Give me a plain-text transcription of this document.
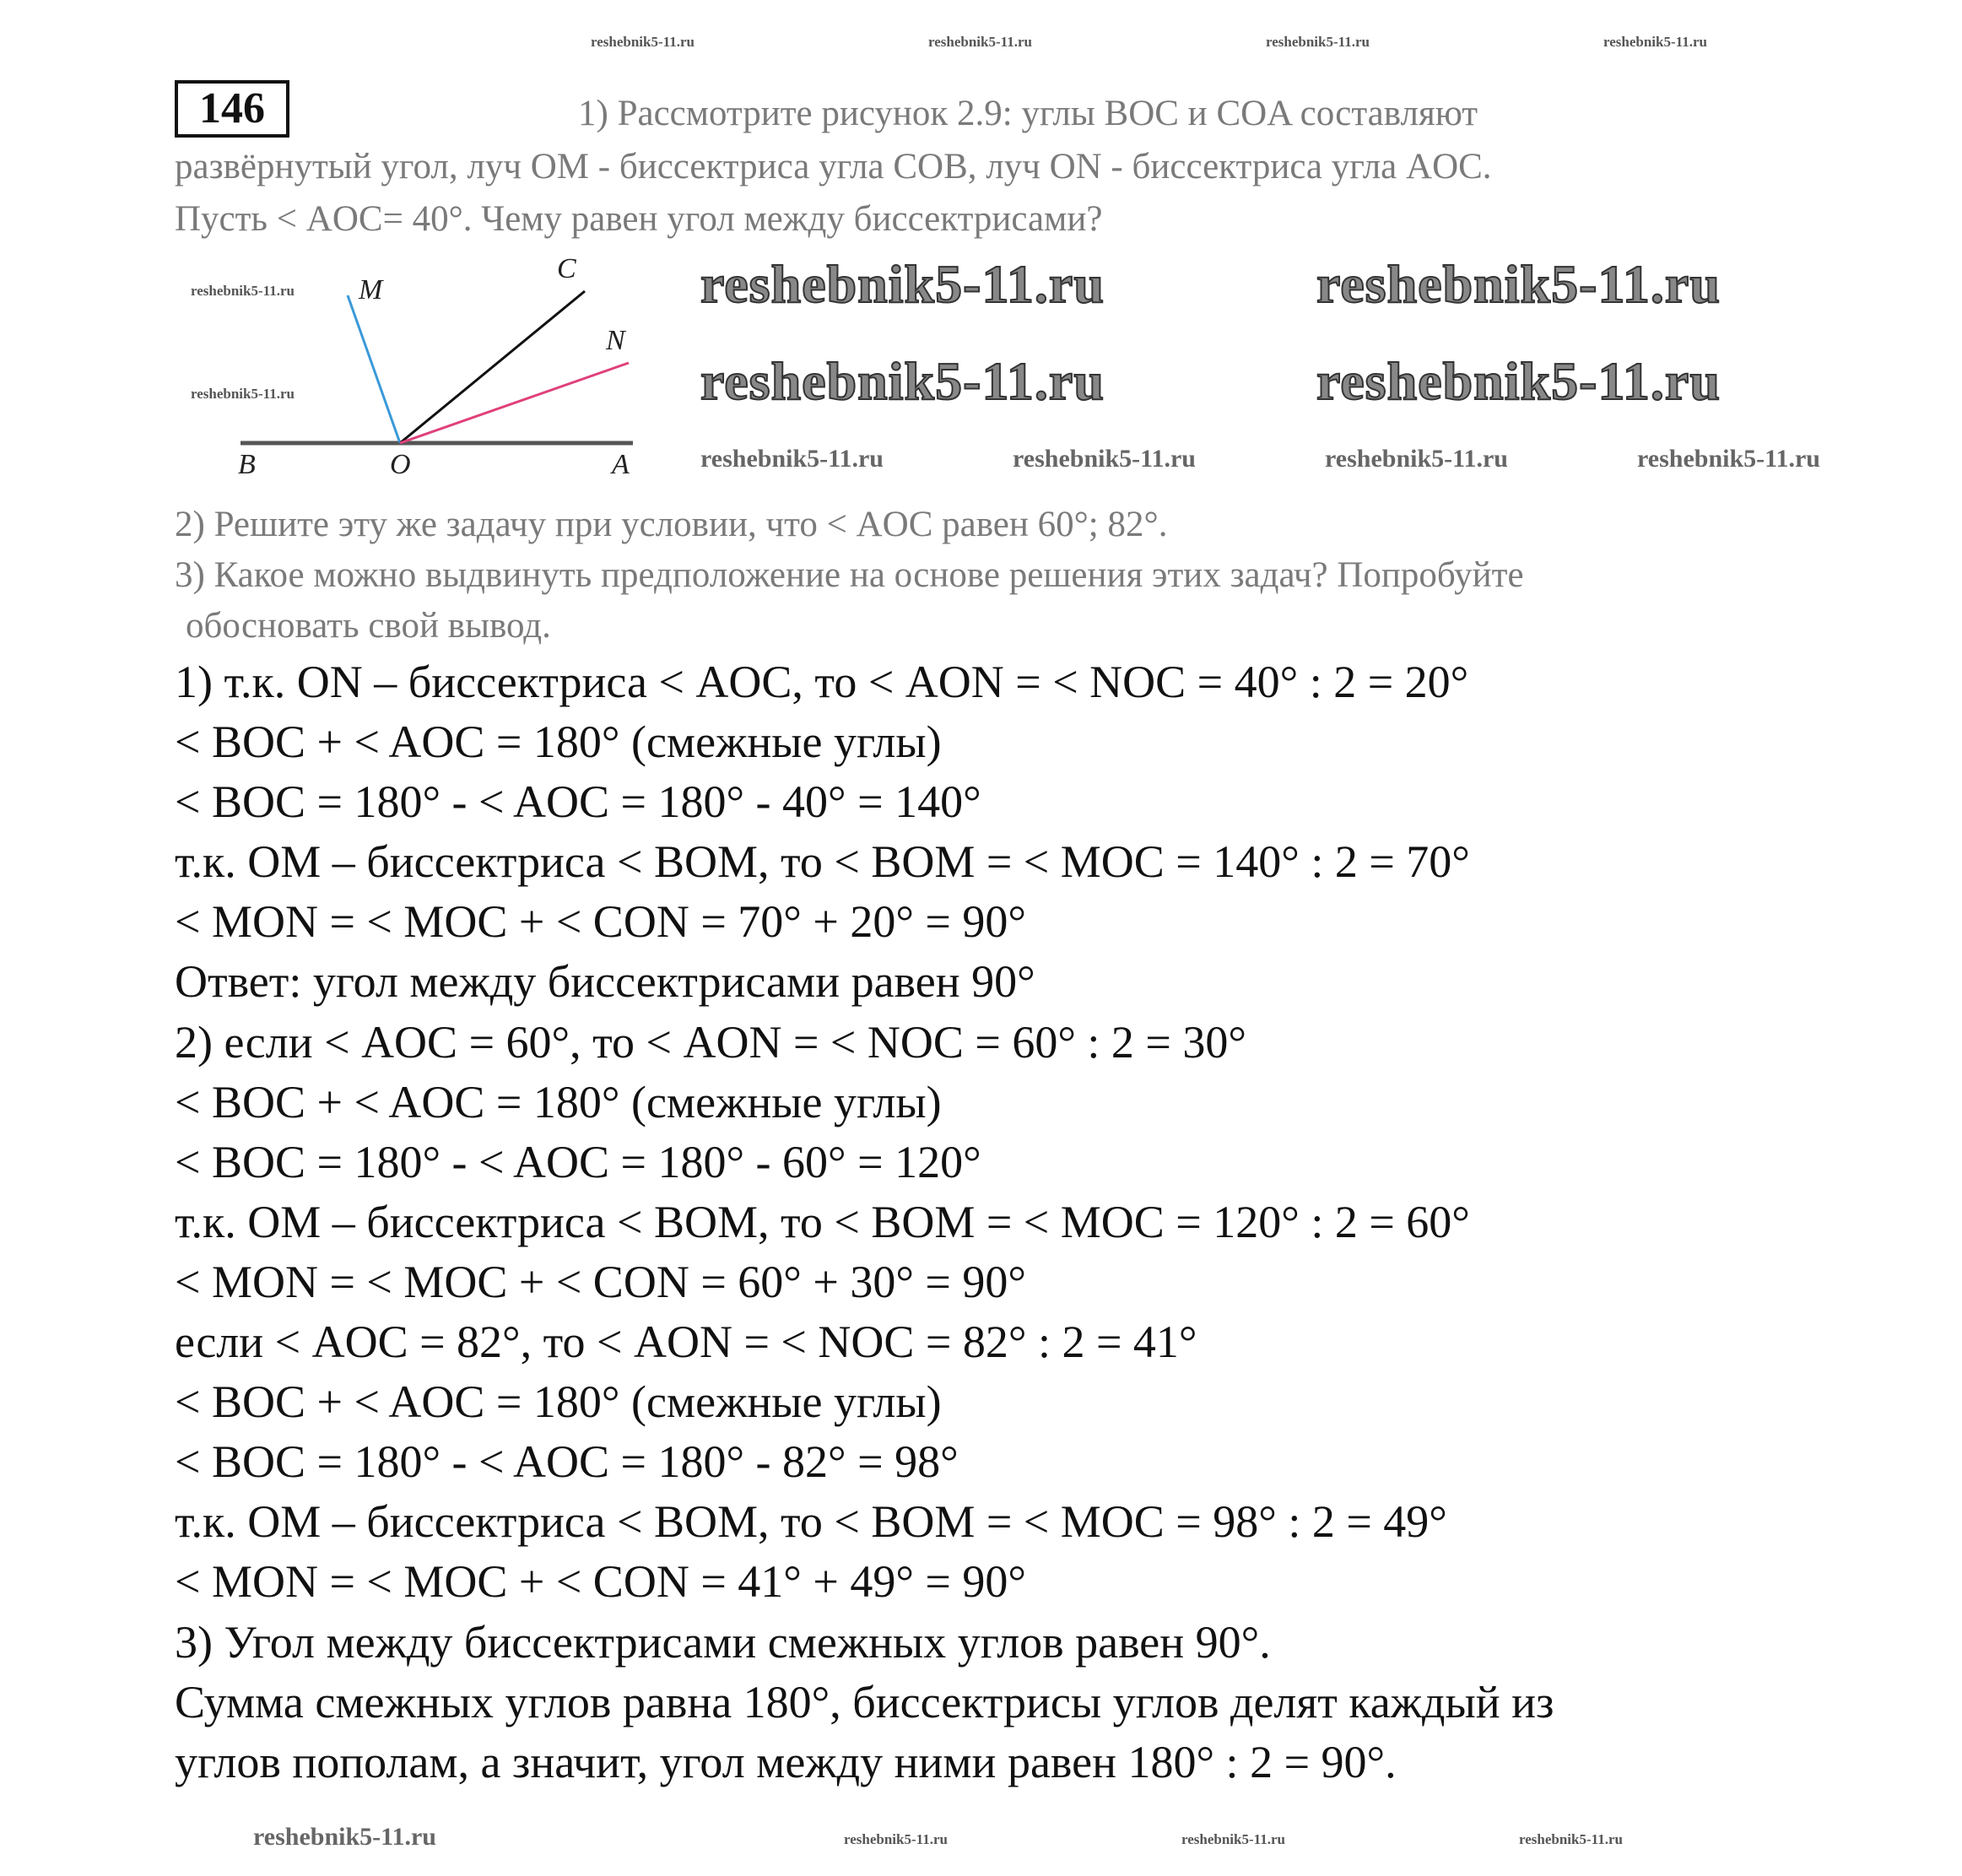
146	1) Рассмотрите рисунок 2.9: углы BOC и COA составляют
развёрнутый угол, луч OM - биссектриса угла COB, луч ON - биссектриса угла AOC.
Пусть < AOC= 40°. Чему равен угол между биссектрисами?
B	O	A
M
C
N
2) Решите эту же задачу при условии, что < AOC равен 60°; 82°.
3) Какое можно выдвинуть предположение на основе решения этих задач? Попробуйте
обосновать свой вывод.
1) т.к. ON – биссектриса < AOC, то < AON = < NOC = 40° : 2 = 20°
< BOC + < AOC = 180° (смежные углы)
< BOC = 180° - < AOC = 180° - 40° = 140°
т.к. OM – биссектриса < BOM, то < BOM = < MOC = 140° : 2 = 70°
< MON = < MOC + < CON = 70° + 20° = 90°
Ответ: угол между биссектрисами равен 90°
2) если < AOC = 60°, то < AON = < NOC = 60° : 2 = 30°
< BOC + < AOC = 180° (смежные углы)
< BOC = 180° - < AOC = 180° - 60° = 120°
т.к. OM – биссектриса < BOM, то < BOM = < MOC = 120° : 2 = 60°
< MON = < MOC + < CON = 60° + 30° = 90°
если < AOC = 82°, то < AON = < NOC = 82° : 2 = 41°
< BOC + < AOC = 180° (смежные углы)
< BOC = 180° - < AOC = 180° - 82° = 98°
т.к. OM – биссектриса < BOM, то < BOM = < MOC = 98° : 2 = 49°
< MON = < MOC + < CON = 41° + 49° = 90°
3) Угол между биссектрисами смежных углов равен 90°.
Сумма смежных углов равна 180°, биссектрисы углов делят каждый из
углов пополам, а значит, угол между ними равен 180° : 2 = 90°.
reshebnik5-11.ru	reshebnik5-11.ru
reshebnik5-11.ru	reshebnik5-11.ru
reshebnik5-11.ru	reshebnik5-11.ru	reshebnik5-11.ru	reshebnik5-11.ru
reshebnik5-11.ru
reshebnik5-11.ru	reshebnik5-11.ru	reshebnik5-11.ru	reshebnik5-11.ru
reshebnik5-11.ru
reshebnik5-11.ru
reshebnik5-11.ru	reshebnik5-11.ru	reshebnik5-11.ru
